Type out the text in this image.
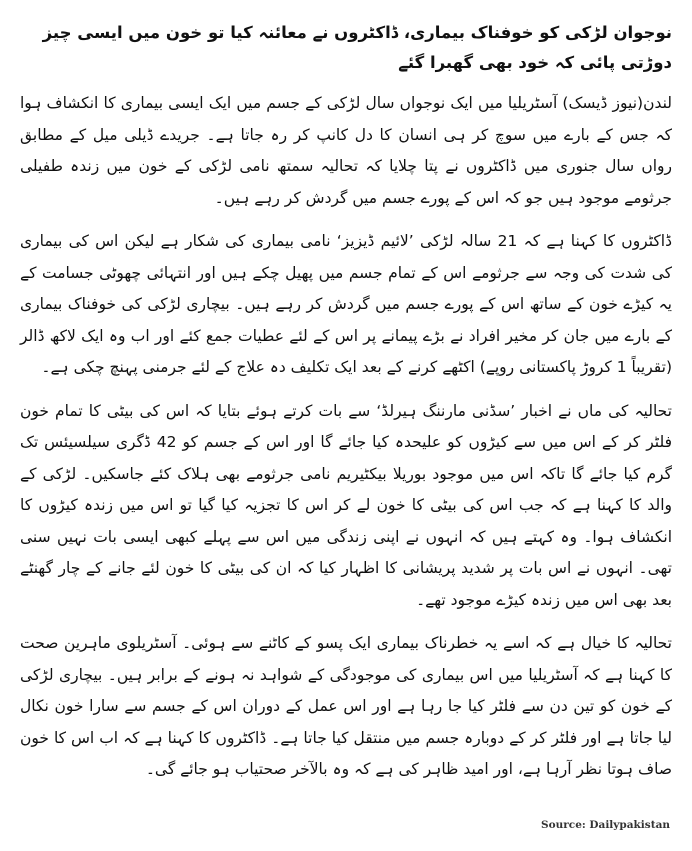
نوجوان لڑکی کو خوفناک بیماری، ڈاکٹروں نے معائنہ کیا تو خون میں ایسی چیز دوڑتی پائی کہ خود بھی گھبرا گئے

لندن(نیوز ڈیسک) آسٹریلیا میں ایک نوجواں سال لڑکی کے جسم میں ایک ایسی بیماری کا انکشاف ہوا کہ جس کے بارے میں سوچ کر ہی انسان کا دل کانپ کر رہ جاتا ہے۔ جریدے ڈیلی میل کے مطابق رواں سال جنوری میں ڈاکٹروں نے پتا چلایا کہ تحالیہ سمتھ نامی لڑکی کے خون میں زندہ طفیلی جرثومے موجود ہیں جو کہ اس کے پورے جسم میں گردش کر رہے ہیں۔

ڈاکٹروں کا کہنا ہے کہ 21 سالہ لڑکی ’لائیم ڈیزیز‘ نامی بیماری کی شکار ہے لیکن اس کی بیماری کی شدت کی وجہ سے جرثومے اس کے تمام جسم میں پھیل چکے ہیں اور انتہائی چھوٹی جسامت کے یہ کیڑے خون کے ساتھ اس کے پورے جسم میں گردش کر رہے ہیں۔ بیچاری لڑکی کی خوفناک بیماری کے بارے میں جان کر مخیر افراد نے بڑے پیمانے پر اس کے لئے عطیات جمع کئے اور اب وہ ایک لاکھ ڈالر (تقریباً 1 کروڑ پاکستانی روپے) اکٹھے کرنے کے بعد ایک تکلیف دہ علاج کے لئے جرمنی پہنچ چکی ہے۔

تحالیہ کی ماں نے اخبار ’سڈنی مارننگ ہیرلڈ‘ سے بات کرتے ہوئے بتایا کہ اس کی بیٹی کا تمام خون فلٹر کر کے اس میں سے کیڑوں کو علیحدہ کیا جائے گا اور اس کے جسم کو 42 ڈگری سیلسیئس تک گرم کیا جائے گا تاکہ اس میں موجود بوریلا بیکٹیریم نامی جرثومے بھی ہلاک کئے جاسکیں۔ لڑکی کے والد کا کہنا ہے کہ جب اس کی بیٹی کا خون لے کر اس کا تجزیہ کیا گیا تو اس میں زندہ کیڑوں کا انکشاف ہوا۔ وہ کہتے ہیں کہ انہوں نے اپنی زندگی میں اس سے پہلے کبھی ایسی بات نہیں سنی تھی۔ انہوں نے اس بات پر شدید پریشانی کا اظہار کیا کہ ان کی بیٹی کا خون لئے جانے کے چار گھنٹے بعد بھی اس میں زندہ کیڑے موجود تھے۔

تحالیہ کا خیال ہے کہ اسے یہ خطرناک بیماری ایک پسو کے کاٹنے سے ہوئی۔ آسٹریلوی ماہرین صحت کا کہنا ہے کہ آسٹریلیا میں اس بیماری کی موجودگی کے شواہد نہ ہونے کے برابر ہیں۔ بیچاری لڑکی کے خون کو تین دن سے فلٹر کیا جا رہا ہے اور اس عمل کے دوران اس کے جسم سے سارا خون نکال لیا جاتا ہے اور فلٹر کر کے دوبارہ جسم میں منتقل کیا جاتا ہے۔ ڈاکٹروں کا کہنا ہے کہ اب اس کا خون صاف ہوتا نظر آرہا ہے، اور امید ظاہر کی ہے کہ وہ بالآخر صحتیاب ہو جائے گی۔

Source: Dailypakistan
